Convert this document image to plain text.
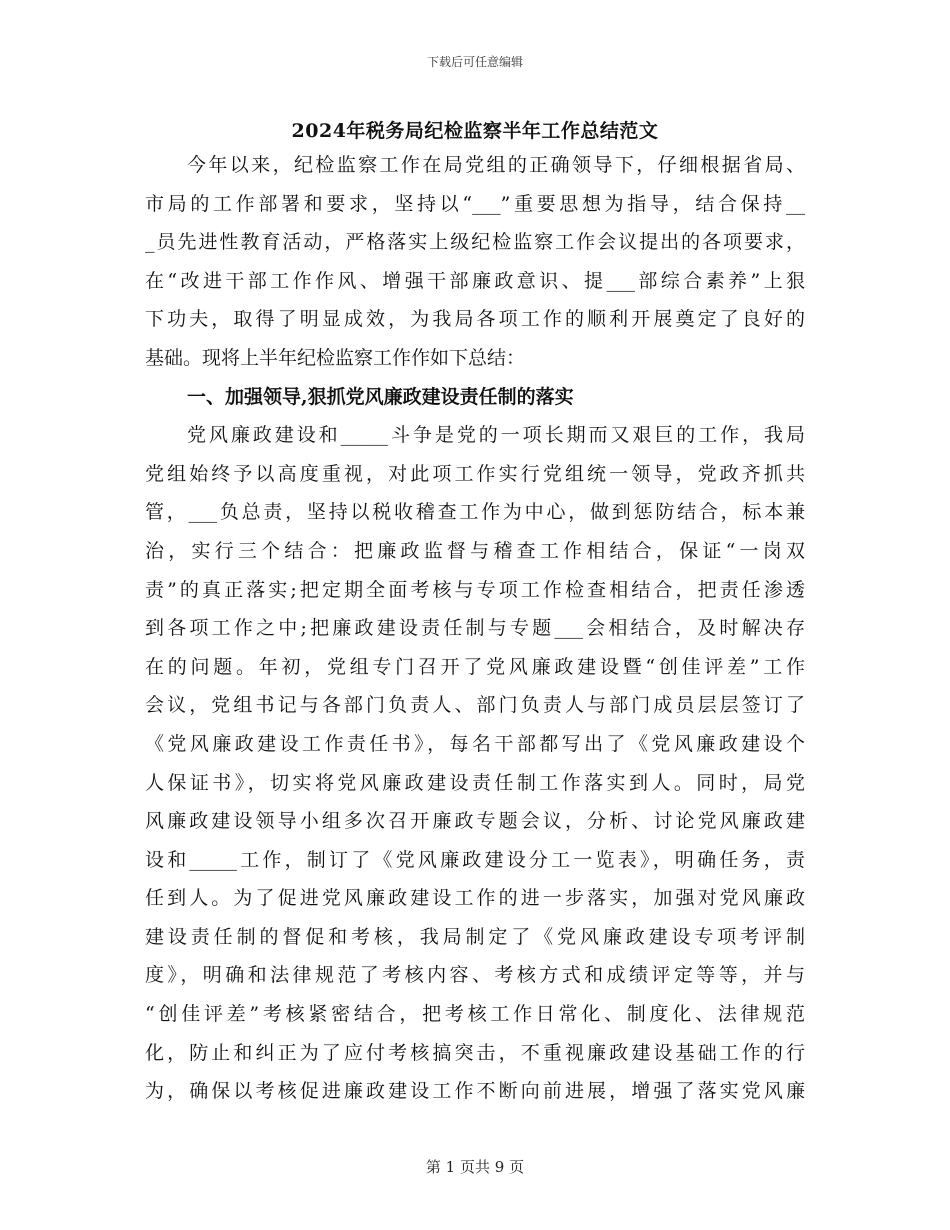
下载后可任意编辑
2024年税务局纪检监察半年工作总结范文
今年以来，纪检监察工作在局党组的正确领导下，仔细根据省局、
市局的工作部署和要求，坚持以“___”重要思想为指导，结合保持__
_员先进性教育活动，严格落实上级纪检监察工作会议提出的各项要求，
在“改进干部工作作风、增强干部廉政意识、提___部综合素养”上狠
下功夫，取得了明显成效，为我局各项工作的顺利开展奠定了良好的
基础。现将上半年纪检监察工作作如下总结：
一、加强领导,狠抓党风廉政建设责任制的落实
党风廉政建设和_____斗争是党的一项长期而又艰巨的工作，我局
党组始终予以高度重视，对此项工作实行党组统一领导，党政齐抓共
管，___负总责，坚持以税收稽查工作为中心，做到惩防结合，标本兼
治，实行三个结合：把廉政监督与稽查工作相结合，保证“一岗双
责”的真正落实;把定期全面考核与专项工作检查相结合，把责任渗透
到各项工作之中;把廉政建设责任制与专题___会相结合，及时解决存
在的问题。年初，党组专门召开了党风廉政建设暨“创佳评差”工作
会议，党组书记与各部门负责人、部门负责人与部门成员层层签订了
《党风廉政建设工作责任书》，每名干部都写出了《党风廉政建设个
人保证书》，切实将党风廉政建设责任制工作落实到人。同时，局党
风廉政建设领导小组多次召开廉政专题会议，分析、讨论党风廉政建
设和_____工作，制订了《党风廉政建设分工一览表》，明确任务，责
任到人。为了促进党风廉政建设工作的进一步落实，加强对党风廉政
建设责任制的督促和考核，我局制定了《党风廉政建设专项考评制
度》，明确和法律规范了考核内容、考核方式和成绩评定等等，并与
“创佳评差”考核紧密结合，把考核工作日常化、制度化、法律规范
化，防止和纠正为了应付考核搞突击，不重视廉政建设基础工作的行
为，确保以考核促进廉政建设工作不断向前进展，增强了落实党风廉
第 1 页共 9 页
